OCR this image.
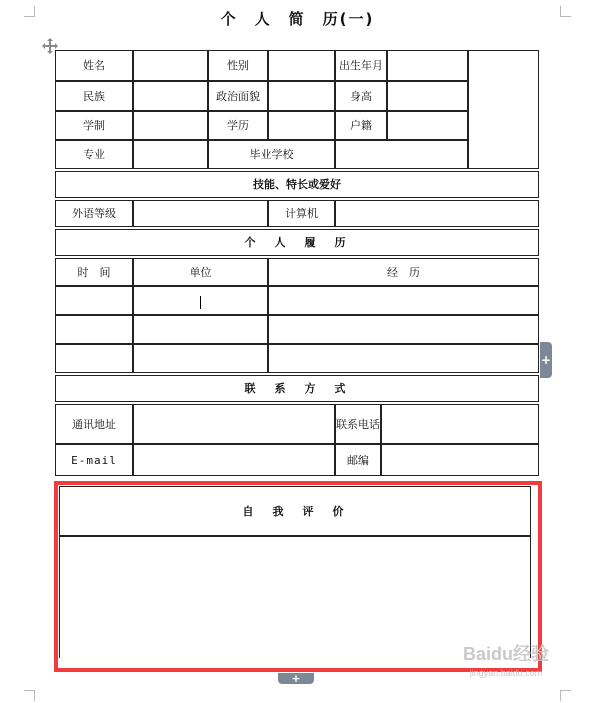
个　人　简　历(一)
姓名		性别		出生年月		
民族		政治面貌		身高		
学制		学历		户籍		
专业		毕业学校				
技能、特长或爱好
外语等级		计算机	
个　人　履　历
时　间	单位	经　历

联　系　方　式
通讯地址		联系电话	
E-mail		邮编	
自　我　评　价

+
+
Baidu经验
jingyan.baidu.com
